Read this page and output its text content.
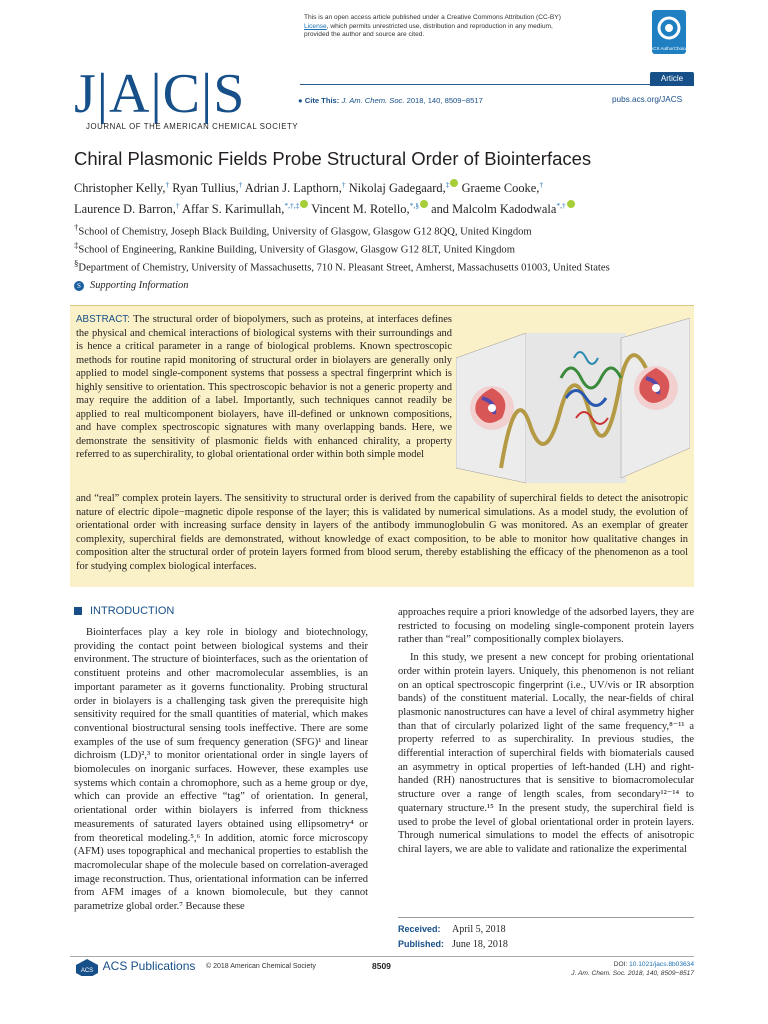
This is an open access article published under a Creative Commons Attribution (CC-BY)
License, which permits unrestricted use, distribution and reproduction in any medium,
provided the author and source are cited.
ACS AuthorChoice
J|A|C|S
JOURNAL OF THE AMERICAN CHEMICAL SOCIETY
Article
● Cite This: J. Am. Chem. Soc. 2018, 140, 8509−8517	pubs.acs.org/JACS
Chiral Plasmonic Fields Probe Structural Order of Biointerfaces
Christopher Kelly,† Ryan Tullius,† Adrian J. Lapthorn,† Nikolaj Gadegaard,‡ Graeme Cooke,†
Laurence D. Barron,† Affar S. Karimullah,*,†,‡ Vincent M. Rotello,*,§ and Malcolm Kadodwala*,†
†School of Chemistry, Joseph Black Building, University of Glasgow, Glasgow G12 8QQ, United Kingdom
‡School of Engineering, Rankine Building, University of Glasgow, Glasgow G12 8LT, United Kingdom
§Department of Chemistry, University of Massachusetts, 710 N. Pleasant Street, Amherst, Massachusetts 01003, United States
S Supporting Information
ABSTRACT: The structural order of biopolymers, such as proteins, at interfaces defines the physical and chemical interactions of biological systems with their surroundings and is hence a critical parameter in a range of biological problems. Known spectroscopic methods for routine rapid monitoring of structural order in biolayers are generally only applied to model single-component systems that possess a spectral fingerprint which is highly sensitive to orientation. This spectroscopic behavior is not a generic property and may require the addition of a label. Importantly, such techniques cannot readily be applied to real multicomponent biolayers, have ill-defined or unknown compositions, and have complex spectroscopic signatures with many overlapping bands. Here, we demonstrate the sensitivity of plasmonic fields with enhanced chirality, a property referred to as superchirality, to global orientational order within both simple model
and “real” complex protein layers. The sensitivity to structural order is derived from the capability of superchiral fields to detect the anisotropic nature of electric dipole−magnetic dipole response of the layer; this is validated by numerical simulations. As a model study, the evolution of orientational order with increasing surface density in layers of the antibody immunoglobulin G was monitored. As an exemplar of greater complexity, superchiral fields are demonstrated, without knowledge of exact composition, to be able to monitor how qualitative changes in composition alter the structural order of protein layers formed from blood serum, thereby establishing the efficacy of the phenomenon as a tool for studying complex biological interfaces.
INTRODUCTION

Biointerfaces play a key role in biology and biotechnology, providing the contact point between biological systems and their environment. The structure of biointerfaces, such as the orientation of constituent proteins and other macromolecular assemblies, is an important parameter as it governs functionality. Probing structural order in biolayers is a challenging task given the prerequisite high sensitivity required for the small quantities of material, which makes conventional biostructural sensing tools ineffective. There are some examples of the use of sum frequency generation (SFG)¹ and linear dichroism (LD)²,³ to monitor orientational order in single layers of biomolecules on inorganic surfaces. However, these examples use systems which contain a chromophore, such as a heme group or dye, which can provide an effective “tag” of orientation. In general, orientational order within biolayers is inferred from thickness measurements of saturated layers obtained using ellipsometry⁴ or from theoretical modeling.⁵,⁶ In addition, atomic force microscopy (AFM) uses topographical and mechanical properties to establish the macromolecular shape of the molecule based on correlation-averaged image reconstruction. Thus, orientational information can be inferred from AFM images of a known biomolecule, but they cannot parametrize global order.⁷ Because these

approaches require a priori knowledge of the adsorbed layers, they are restricted to focusing on modeling single-component protein layers rather than “real” compositionally complex biolayers.

In this study, we present a new concept for probing orientational order within protein layers. Uniquely, this phenomenon is not reliant on an optical spectroscopic fingerprint (i.e., UV/vis or IR absorption bands) of the constituent material. Locally, the near-fields of chiral plasmonic nanostructures can have a level of chiral asymmetry higher than that of circularly polarized light of the same frequency,⁸⁻¹¹ a property referred to as superchirality. In previous studies, the differential interaction of superchiral fields with biomaterials caused an asymmetry in optical properties of left-handed (LH) and right-handed (RH) nanostructures that is sensitive to biomacromolecular structure over a range of length scales, from secondary¹²⁻¹⁴ to quaternary structure.¹⁵ In the present study, the superchiral field is used to probe the level of global orientational order in protein layers. Through numerical simulations to model the effects of anisotropic chiral layers, we are able to validate and rationalize the experimental

Received: April 5, 2018
Published: June 18, 2018
ACS ACS Publications © 2018 American Chemical Society	8509	DOI: 10.1021/jacs.8b03634
J. Am. Chem. Soc. 2018, 140, 8509−8517
